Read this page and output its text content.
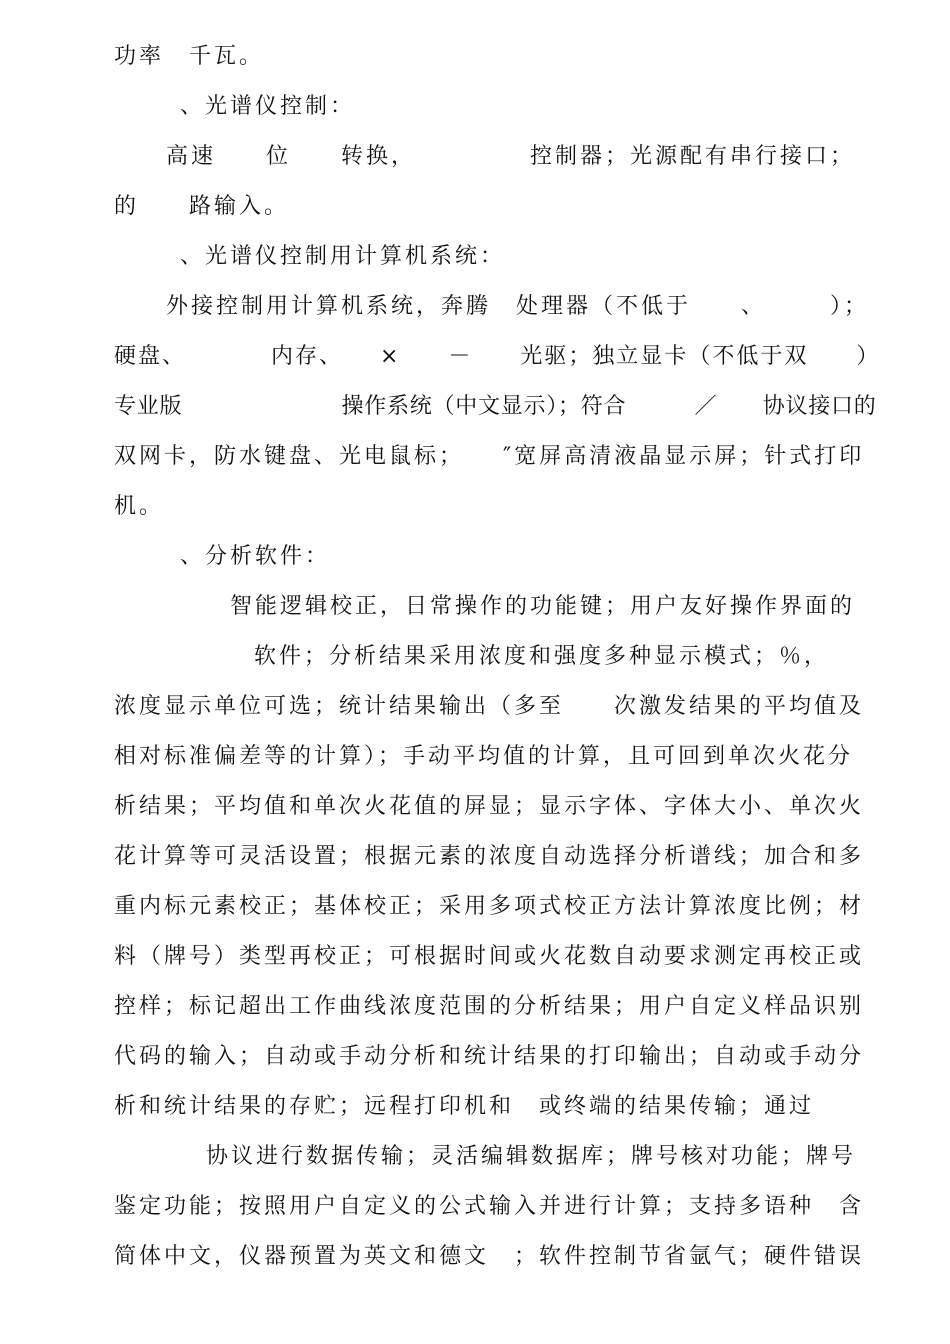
功率　千瓦。

、光谱仪控制：

高速　　位　　转换，　　　　　控制器；光源配有串行接口；

的　　路输入。

、光谱仪控制用计算机系统：

外接控制用计算机系统，奔腾　处理器（不低于　　、　　　）；

硬盘、　　　　内存、　　×　　－　　光驱；独立显卡（不低于双　　）

专业版　　　　　　　操作系统（中文显示）；符合　　　／　　协议接口的

双网卡，防水键盘、光电鼠标；　　″宽屏高清液晶显示屏；针式打印

机。

、分析软件：

智能逻辑校正，日常操作的功能键；用户友好操作界面的

软件；分析结果采用浓度和强度多种显示模式；％，

浓度显示单位可选；统计结果输出（多至　　次激发结果的平均值及

相对标准偏差等的计算）；手动平均值的计算，且可回到单次火花分

析结果；平均值和单次火花值的屏显；显示字体、字体大小、单次火

花计算等可灵活设置；根据元素的浓度自动选择分析谱线；加合和多

重内标元素校正；基体校正；采用多项式校正方法计算浓度比例；材

料（牌号）类型再校正；可根据时间或火花数自动要求测定再校正或

控样；标记超出工作曲线浓度范围的分析结果；用户自定义样品识别

代码的输入；自动或手动分析和统计结果的打印输出；自动或手动分

析和统计结果的存贮；远程打印机和　或终端的结果传输；通过

协议进行数据传输；灵活编辑数据库；牌号核对功能；牌号

鉴定功能；按照用户自定义的公式输入并进行计算；支持多语种　含

简体中文，仪器预置为英文和德文　；软件控制节省氩气；硬件错误
